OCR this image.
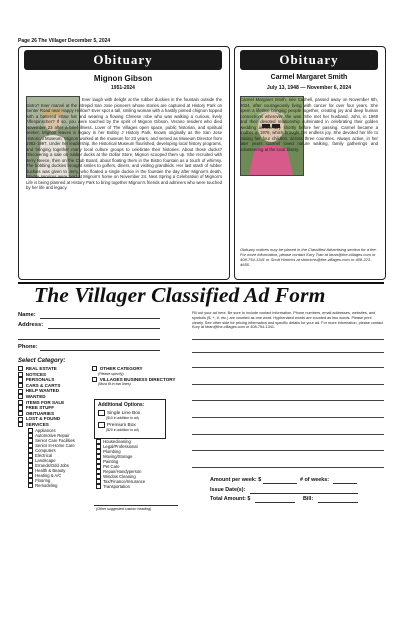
Page 26 The Villager December 5, 2024
Obituary
Mignon Gibson
1951-2024
Ever laugh with delight at the rubber duckies in the fountain outside the Bistro? Ever marvel at the intrepid San Jose pioneers whose stories are captured at History Park on Senter Road near Happy Hollow? Ever spot a tall, smiling woman with a hastily pinned chignon topped with a battered straw hat and wearing a flowing Chinese robe who was walking a curious, lively Affenpinscher? If so, you were touched by the spirit of Mignon Gibson, Verano resident who died November 23 after a brief illness. Lover of The Villages open space, public historian, and spiritual seeker, Mignon leaves a legacy in her Bobby J History Park, known originally as the San Jose Historical Museum. Mignon worked at the museum for 23 years, and served as Museum Director from 1982-1997. Under her leadership, the Historical Museum flourished, developing local history programs, and bringing together many local culture groups to celebrate their histories. About those ducks? Discovering a sale on rubber ducks at the Dollar Store, Mignon scooped them up. She recruited with Jerry Neece, then on the Club Board, about floating them in the Bistro fountain as a touch of whimsy. The bobbing duckies brought smiles to golfers, diners, and visiting grandkids. Her last stash of rubber duckies was given to Jerry, who floated a single duckie in the fountain the day after Mignon's death. Private services were held at Mignon's home on November 24. Next Spring a Celebration of Mignon's Life is being planned at History Park to bring together Mignon's friends and admirers who were touched by her life and legacy.
Obituary
Carmel Margaret Smith
July 13, 1948 — November 6, 2024
Carmel Margaret Smith, née Cashell, passed away on November 6th, 2024, after courageously living with cancer for over four years. She spent a lifetime bringing people together, creating joy and deep human connections wherever she was. She met her husband, John, in 1969 and their devoted relationship culminated in celebrating their golden wedding anniversary shortly before her passing. Carmel became a mother in 1976, which brought her endless joy. She devoted her life to raising her four children, across three countries. Always active, in her later years Carmel loved nature walking, family gatherings and volunteering at the local library.
Obituary notices may be placed in the Classified Advertising section for a fee. For more information, please contact Kory Tran at ktran@the-villages.com or 408-754-1341 or Scott Hinrichs at shinrichs@the-villages.com or 408-223-4655.
The Villager Classified Ad Form
Name:
Address:
Phone:
Fill out your ad here. Be sure to include contact information. Phone numbers, email addresses, websites, and symbols ($, +, #, etc.) are counted as one word. Hyphenated words are counted as two words. Please print clearly. See other side for pricing information and specific details for your ad. For more information, please contact Kory at ktran@the-villages.com or 408-754-1341.
Select Category:
REAL ESTATE
NOTICES
PERSONALS
CARS & CARTS
HELP WANTED
WANTED
ITEMS FOR SALE
FREE STUFF
OBITUARIES
LOST & FOUND
SERVICES
Appliances
Automotive Repair
Senior Care Facilities
Senior In-Home Care
Computers
Electrical
Landscape
Errands/Odd Jobs
Health & Beauty
Heating & A/C
Flooring
Remodeling
OTHER CATEGORY
(Please specify)
VILLAGES BUSINESS DIRECTORY
(Must fit in two lines)
Additional Options:
Single Line Box
($10 in addition to ad)
Premium Box
($20 in addition to ad)
Housecleaning
Legal/Professional
Plumbing
Moving/Storage
Painting
Pet Care
Repair/Handyperson
Window Cleaning
Tax/Finance/Insurance
Transportation
(Other suggested custom heading)
Amount per week: $	# of weeks:
Issue Date(s):
Total Amount: $	Bill:
